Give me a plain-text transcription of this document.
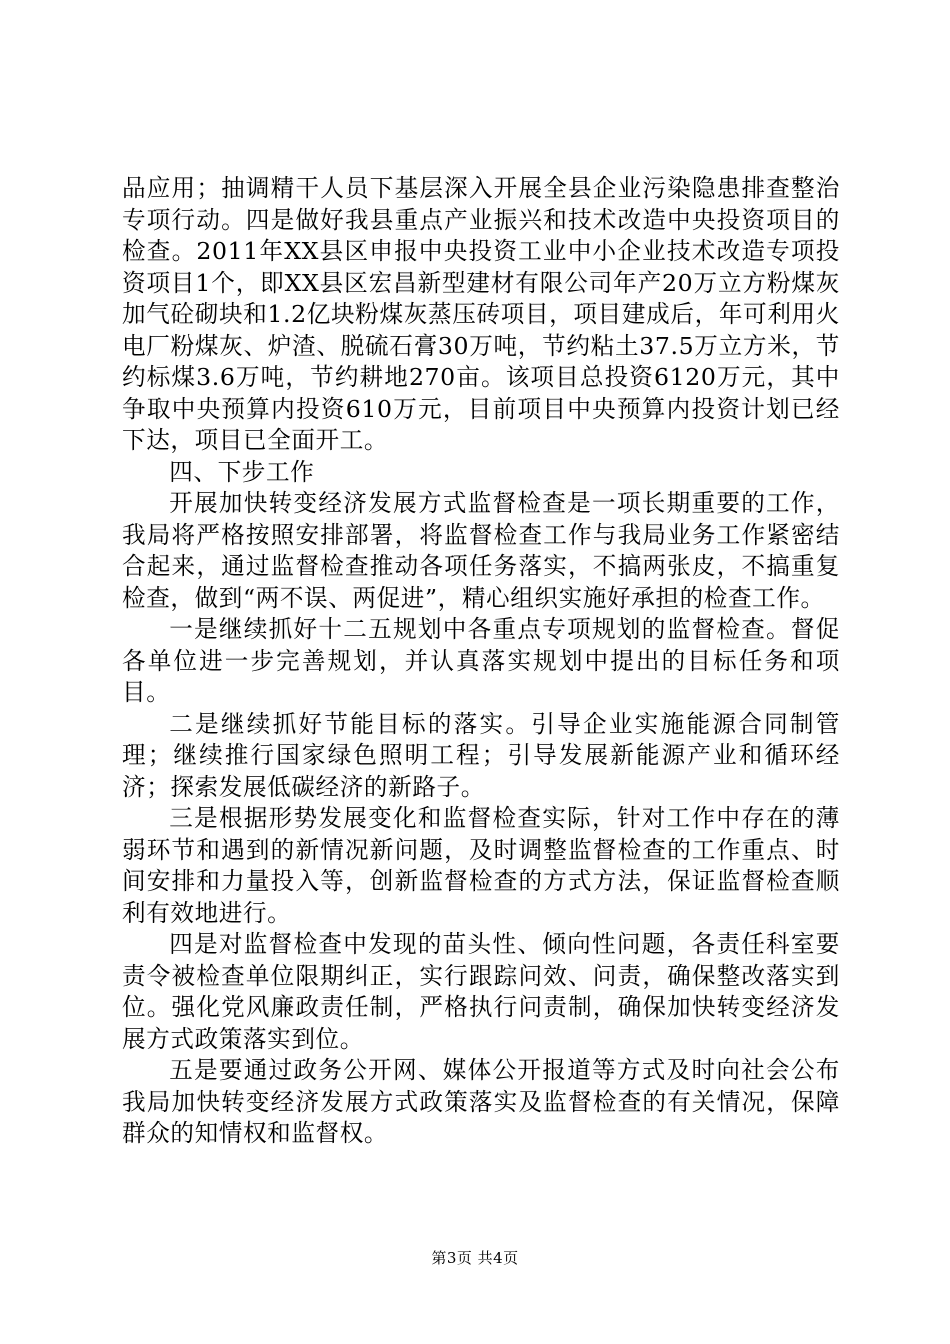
品应用；抽调精干人员下基层深入开展全县企业污染隐患排查整治专项行动。四是做好我县重点产业振兴和技术改造中央投资项目的检查。2011年XX县区申报中央投资工业中小企业技术改造专项投资项目1个，即XX县区宏昌新型建材有限公司年产20万立方粉煤灰加气砼砌块和1.2亿块粉煤灰蒸压砖项目，项目建成后，年可利用火电厂粉煤灰、炉渣、脱硫石膏30万吨，节约粘土37.5万立方米，节约标煤3.6万吨，节约耕地270亩。该项目总投资6120万元，其中争取中央预算内投资610万元，目前项目中央预算内投资计划已经下达，项目已全面开工。

四、下步工作

开展加快转变经济发展方式监督检查是一项长期重要的工作，我局将严格按照安排部署，将监督检查工作与我局业务工作紧密结合起来，通过监督检查推动各项任务落实，不搞两张皮，不搞重复检查，做到“两不误、两促进”，精心组织实施好承担的检查工作。

一是继续抓好十二五规划中各重点专项规划的监督检查。督促各单位进一步完善规划，并认真落实规划中提出的目标任务和项目。

二是继续抓好节能目标的落实。引导企业实施能源合同制管理；继续推行国家绿色照明工程；引导发展新能源产业和循环经济；探索发展低碳经济的新路子。

三是根据形势发展变化和监督检查实际，针对工作中存在的薄弱环节和遇到的新情况新问题，及时调整监督检查的工作重点、时间安排和力量投入等，创新监督检查的方式方法，保证监督检查顺利有效地进行。

四是对监督检查中发现的苗头性、倾向性问题，各责任科室要责令被检查单位限期纠正，实行跟踪问效、问责，确保整改落实到位。强化党风廉政责任制，严格执行问责制，确保加快转变经济发展方式政策落实到位。

五是要通过政务公开网、媒体公开报道等方式及时向社会公布我局加快转变经济发展方式政策落实及监督检查的有关情况，保障群众的知情权和监督权。

第3页 共4页
